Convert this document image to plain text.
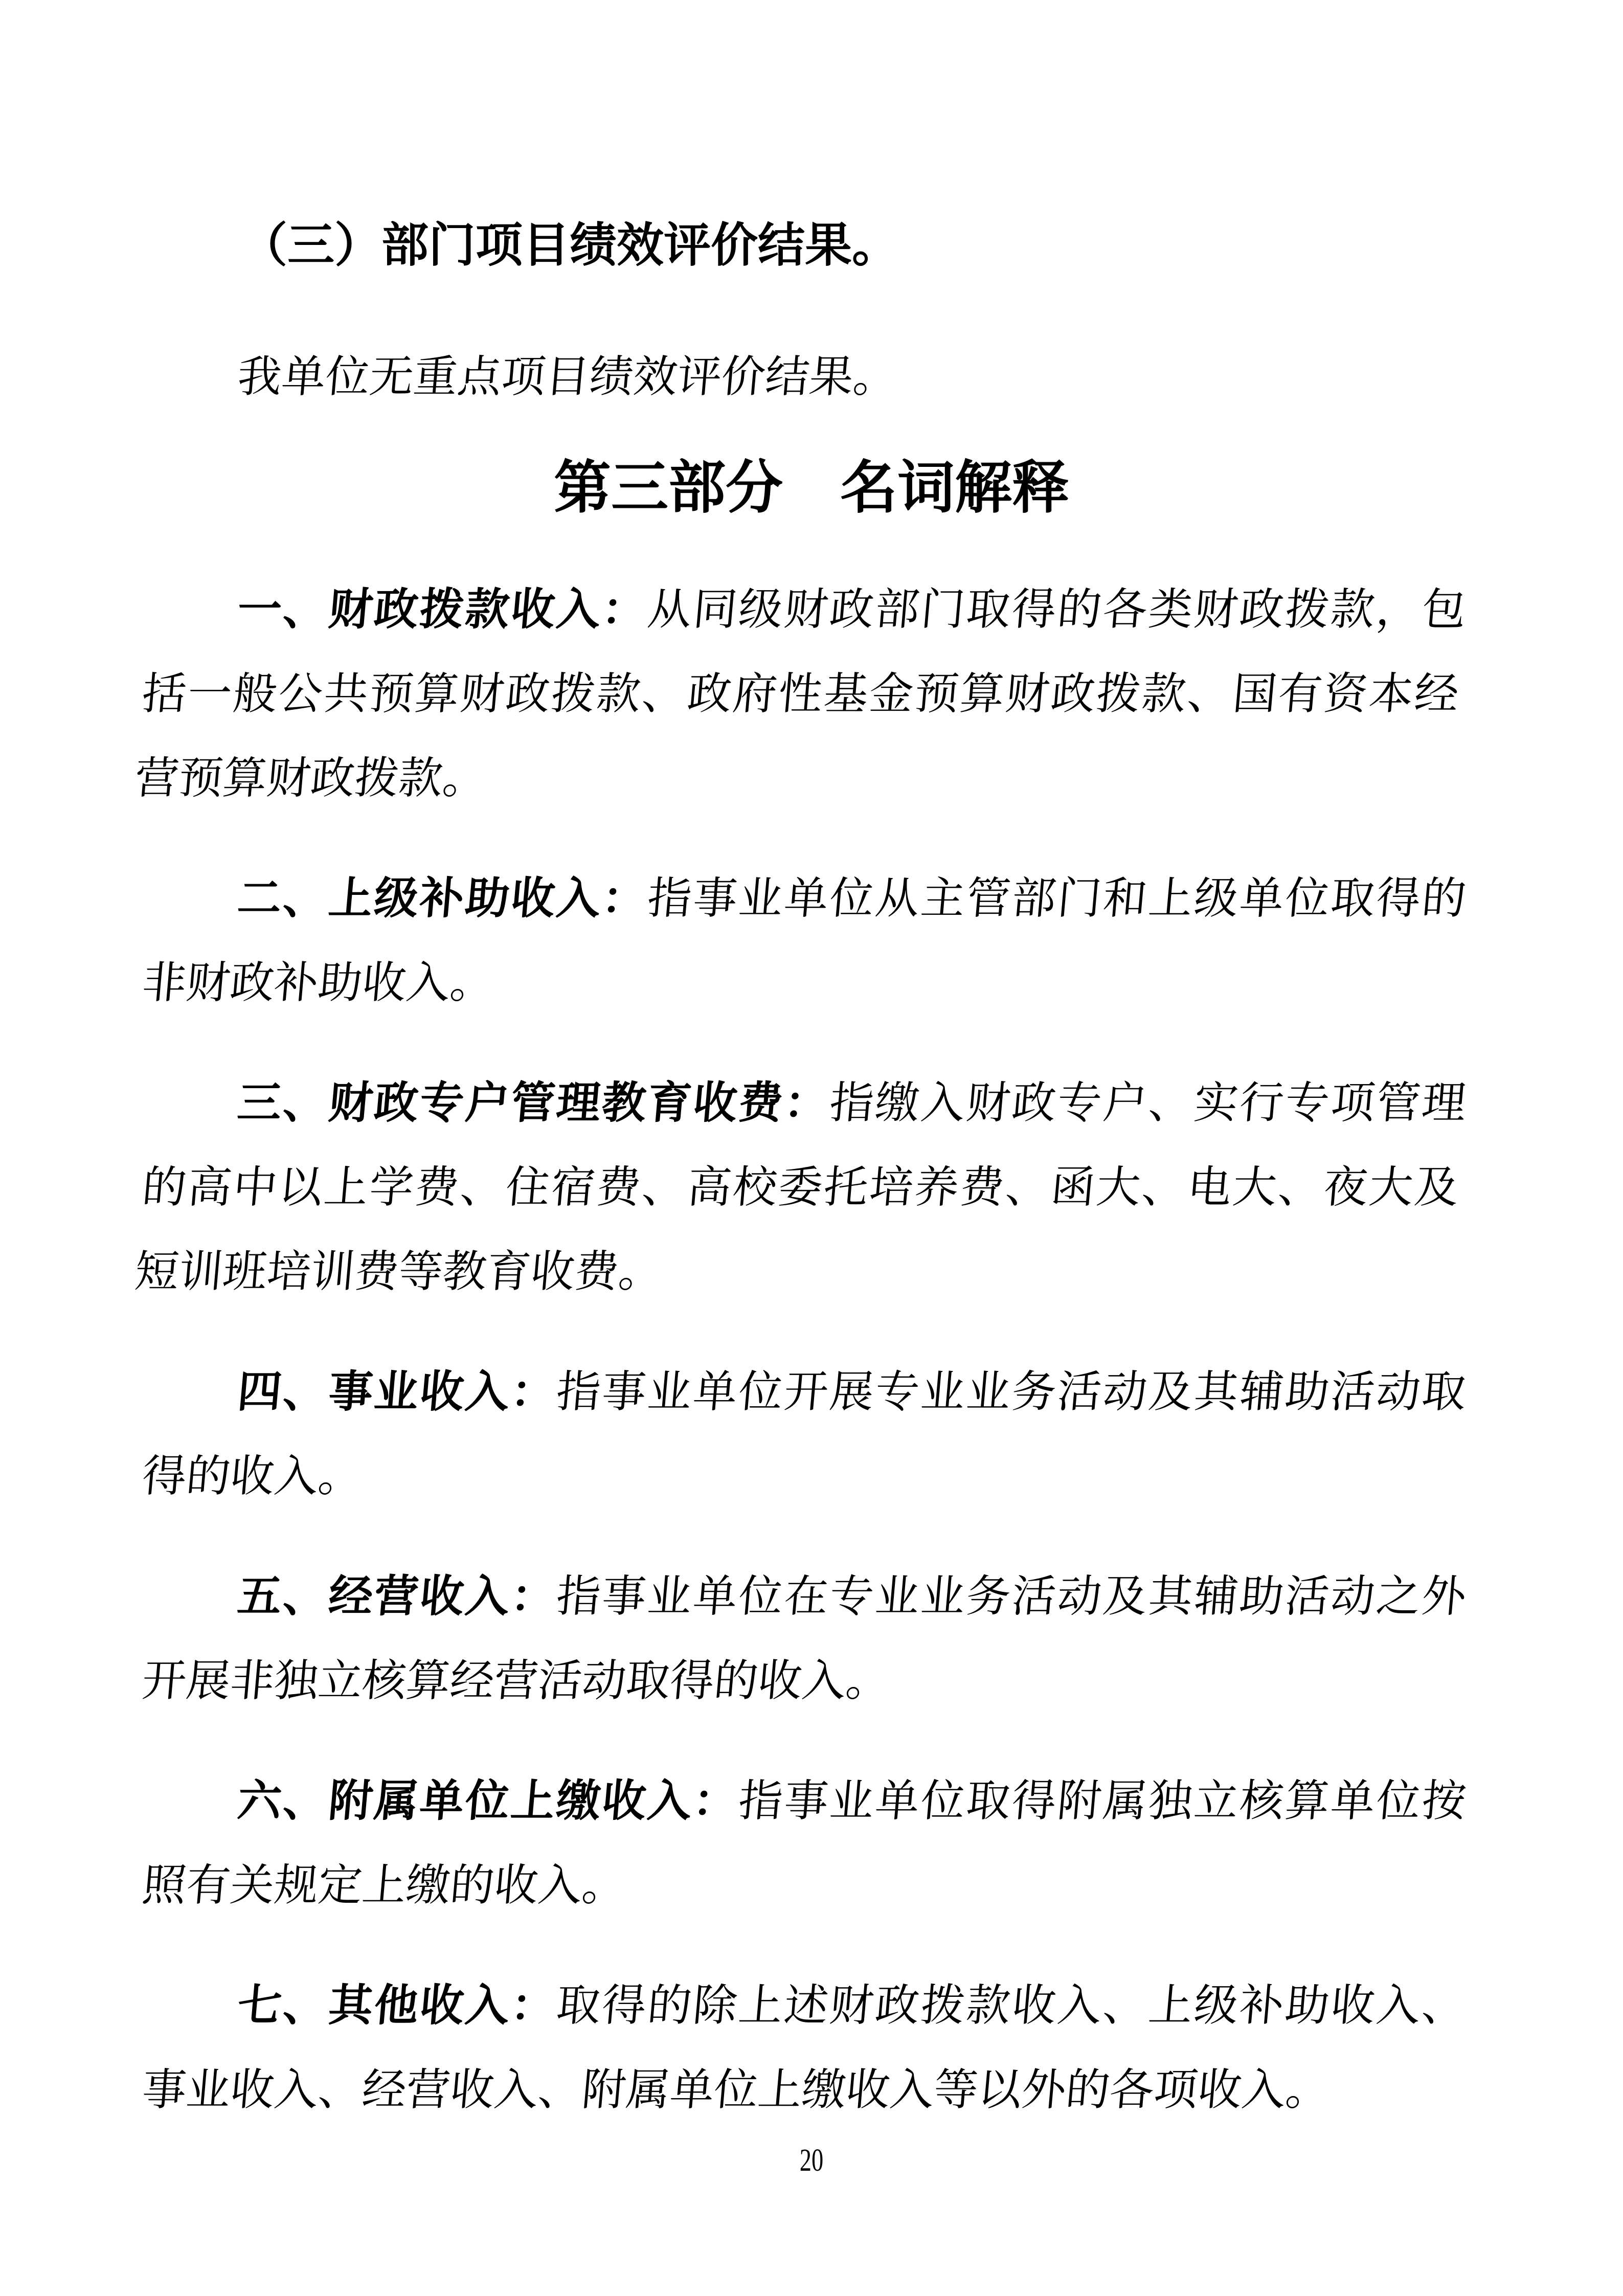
（三）部门项目绩效评价结果。
我单位无重点项目绩效评价结果。
第三部分　名词解释

一、财政拨款收入：从同级财政部门取得的各类财政拨款，包括一般公共预算财政拨款、政府性基金预算财政拨款、国有资本经营预算财政拨款。

二、上级补助收入：指事业单位从主管部门和上级单位取得的非财政补助收入。

三、财政专户管理教育收费：指缴入财政专户、实行专项管理的高中以上学费、住宿费、高校委托培养费、函大、电大、夜大及短训班培训费等教育收费。

四、事业收入：指事业单位开展专业业务活动及其辅助活动取得的收入。

五、经营收入：指事业单位在专业业务活动及其辅助活动之外开展非独立核算经营活动取得的收入。

六、附属单位上缴收入：指事业单位取得附属独立核算单位按照有关规定上缴的收入。

七、其他收入：取得的除上述财政拨款收入、上级补助收入、事业收入、经营收入、附属单位上缴收入等以外的各项收入。

20
